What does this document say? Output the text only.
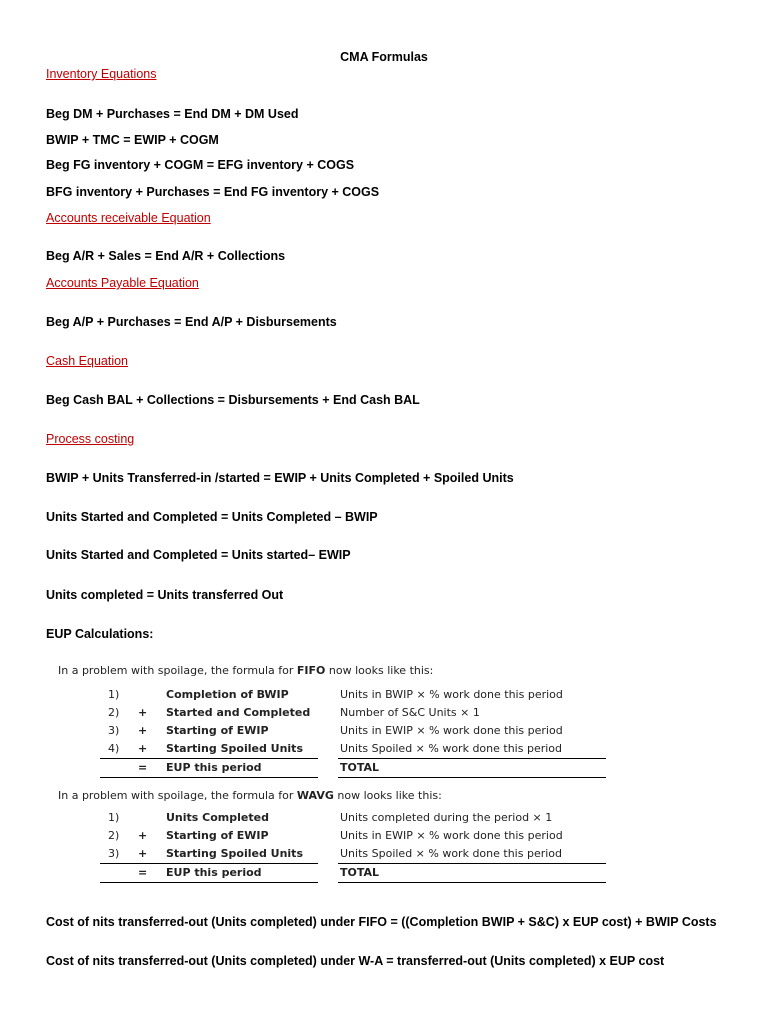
CMA Formulas
Inventory Equations
Beg DM + Purchases = End DM + DM Used
BWIP + TMC = EWIP + COGM
Beg FG inventory + COGM = EFG inventory + COGS
BFG inventory + Purchases = End FG inventory + COGS
Accounts receivable Equation
Beg A/R + Sales = End A/R + Collections
Accounts Payable Equation
Beg A/P + Purchases = End A/P + Disbursements
Cash Equation
Beg Cash BAL + Collections = Disbursements + End Cash BAL
Process costing
BWIP + Units Transferred-in /started = EWIP + Units Completed + Spoiled Units
Units Started and Completed = Units Completed – BWIP
Units Started and Completed = Units started– EWIP
Units completed = Units transferred Out
EUP Calculations:
In a problem with spoilage, the formula for FIFO now looks like this:
1)	Completion of BWIP	Units in BWIP × % work done this period
2) + Started and Completed	Number of S&C Units × 1
3) + Starting of EWIP	Units in EWIP × % work done this period
4) + Starting Spoiled Units	Units Spoiled × % work done this period
= EUP this period	TOTAL
In a problem with spoilage, the formula for WAVG now looks like this:
1)	Units Completed	Units completed during the period × 1
2) + Starting of EWIP	Units in EWIP × % work done this period
3) + Starting Spoiled Units	Units Spoiled × % work done this period
= EUP this period	TOTAL
Cost of nits transferred-out (Units completed) under FIFO = ((Completion BWIP + S&C) x EUP cost) + BWIP Costs
Cost of nits transferred-out (Units completed) under W-A = transferred-out (Units completed) x EUP cost
